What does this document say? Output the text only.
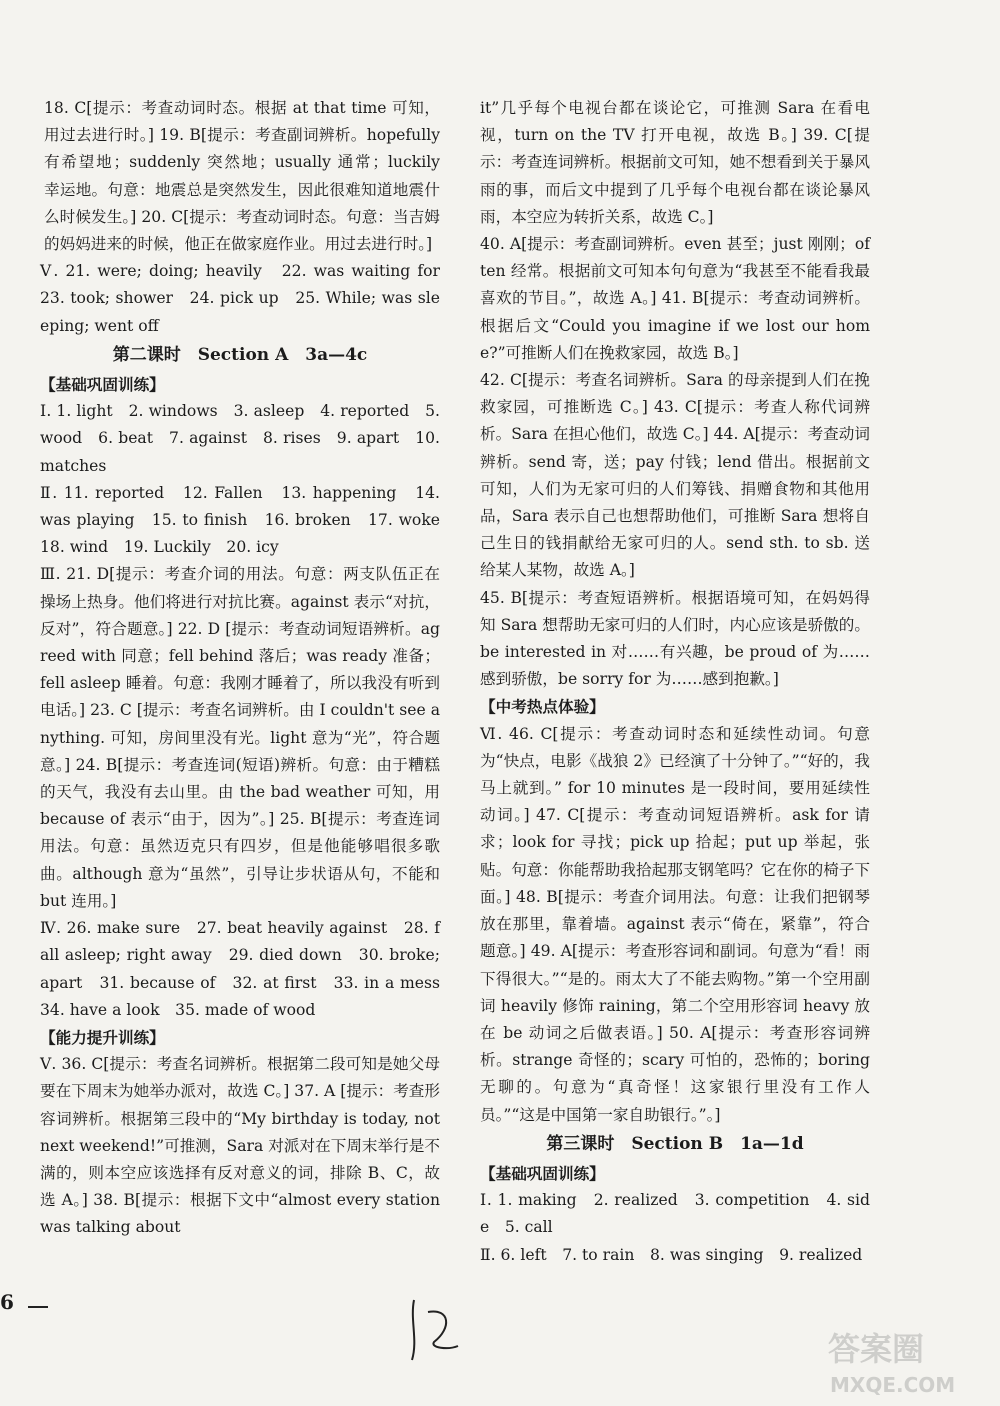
18. C[提示：考查动词时态。根据 at that time 可知，用过去进行时。] 19. B[提示：考查副词辨析。hopefully 有希望地；suddenly 突然地；usually 通常；luckily 幸运地。句意：地震总是突然发生，因此很难知道地震什么时候发生。] 20. C[提示：考查动词时态。句意：当吉姆的妈妈进来的时候，他正在做家庭作业。用过去进行时。]

Ⅴ. 21. were; doing; heavily　22. was waiting for　23. took; shower　24. pick up　25. While; was sleeping; went off

第二课时　Section A　3a—4c
【基础巩固训练】

Ⅰ. 1. light　2. windows　3. asleep　4. reported　5. wood　6. beat　7. against　8. rises　9. apart　10. matches

Ⅱ. 11. reported　12. Fallen　13. happening　14. was playing　15. to finish　16. broken　17. woke　18. wind　19. Luckily　20. icy

Ⅲ. 21. D[提示：考查介词的用法。句意：两支队伍正在操场上热身。他们将进行对抗比赛。against 表示“对抗，反对”，符合题意。] 22. D [提示：考查动词短语辨析。agreed with 同意；fell behind 落后；was ready 准备；fell asleep 睡着。句意：我刚才睡着了，所以我没有听到电话。] 23. C [提示：考查名词辨析。由 I couldn't see anything. 可知，房间里没有光。light 意为“光”，符合题意。] 24. B[提示：考查连词(短语)辨析。句意：由于糟糕的天气，我没有去山里。由 the bad weather 可知，用 because of 表示“由于，因为”。] 25. B[提示：考查连词用法。句意：虽然迈克只有四岁，但是他能够唱很多歌曲。although 意为“虽然”，引导让步状语从句，不能和 but 连用。]

Ⅳ. 26. make sure　27. beat heavily against　28. fall asleep; right away　29. died down　30. broke; apart　31. because of　32. at first　33. in a mess　34. have a look　35. made of wood

【能力提升训练】

Ⅴ. 36. C[提示：考查名词辨析。根据第二段可知是她父母要在下周末为她举办派对，故选 C。] 37. A [提示：考查形容词辨析。根据第三段中的“My birthday is today, not next weekend!”可推测，Sara 对派对在下周末举行是不满的，则本空应该选择有反对意义的词，排除 B、C，故选 A。] 38. B[提示：根据下文中“almost every station was talking about

it”几乎每个电视台都在谈论它，可推测 Sara 在看电视，turn on the TV 打开电视，故选 B。] 39. C[提示：考查连词辨析。根据前文可知，她不想看到关于暴风雨的事，而后文中提到了几乎每个电视台都在谈论暴风雨，本空应为转折关系，故选 C。]

40. A[提示：考查副词辨析。even 甚至；just 刚刚；often 经常。根据前文可知本句句意为“我甚至不能看我最喜欢的节目。”，故选 A。] 41. B[提示：考查动词辨析。根据后文“Could you imagine if we lost our home?”可推断人们在挽救家园，故选 B。]

42. C[提示：考查名词辨析。Sara 的母亲提到人们在挽救家园，可推断选 C。] 43. C[提示：考查人称代词辨析。Sara 在担心他们，故选 C。] 44. A[提示：考查动词辨析。send 寄，送；pay 付钱；lend 借出。根据前文可知，人们为无家可归的人们筹钱、捐赠食物和其他用品，Sara 表示自己也想帮助他们，可推断 Sara 想将自己生日的钱捐献给无家可归的人。send sth. to sb. 送给某人某物，故选 A。]

45. B[提示：考查短语辨析。根据语境可知，在妈妈得知 Sara 想帮助无家可归的人们时，内心应该是骄傲的。be interested in 对……有兴趣，be proud of 为……感到骄傲，be sorry for 为……感到抱歉。]

【中考热点体验】

Ⅵ. 46. C[提示：考查动词时态和延续性动词。句意为“快点，电影《战狼 2》已经演了十分钟了。”“好的，我马上就到。” for 10 minutes 是一段时间，要用延续性动词。] 47. C[提示：考查动词短语辨析。ask for 请求；look for 寻找；pick up 拾起；put up 举起，张贴。句意：你能帮助我拾起那支钢笔吗？它在你的椅子下面。] 48. B[提示：考查介词用法。句意：让我们把钢琴放在那里，靠着墙。against 表示“倚在，紧靠”，符合题意。] 49. A[提示：考查形容词和副词。句意为“看！雨下得很大。”“是的。雨太大了不能去购物。”第一个空用副词 heavily 修饰 raining，第二个空用形容词 heavy 放在 be 动词之后做表语。] 50. A[提示：考查形容词辨析。strange 奇怪的；scary 可怕的，恐怖的；boring 无聊的。句意为“真奇怪！这家银行里没有工作人员。”“这是中国第一家自助银行。”。]

第三课时　Section B　1a—1d
【基础巩固训练】

Ⅰ. 1. making　2. realized　3. competition　4. side　5. call

Ⅱ. 6. left　7. to rain　8. was singing　9. realized

6
答案圈
MXQE.COM
